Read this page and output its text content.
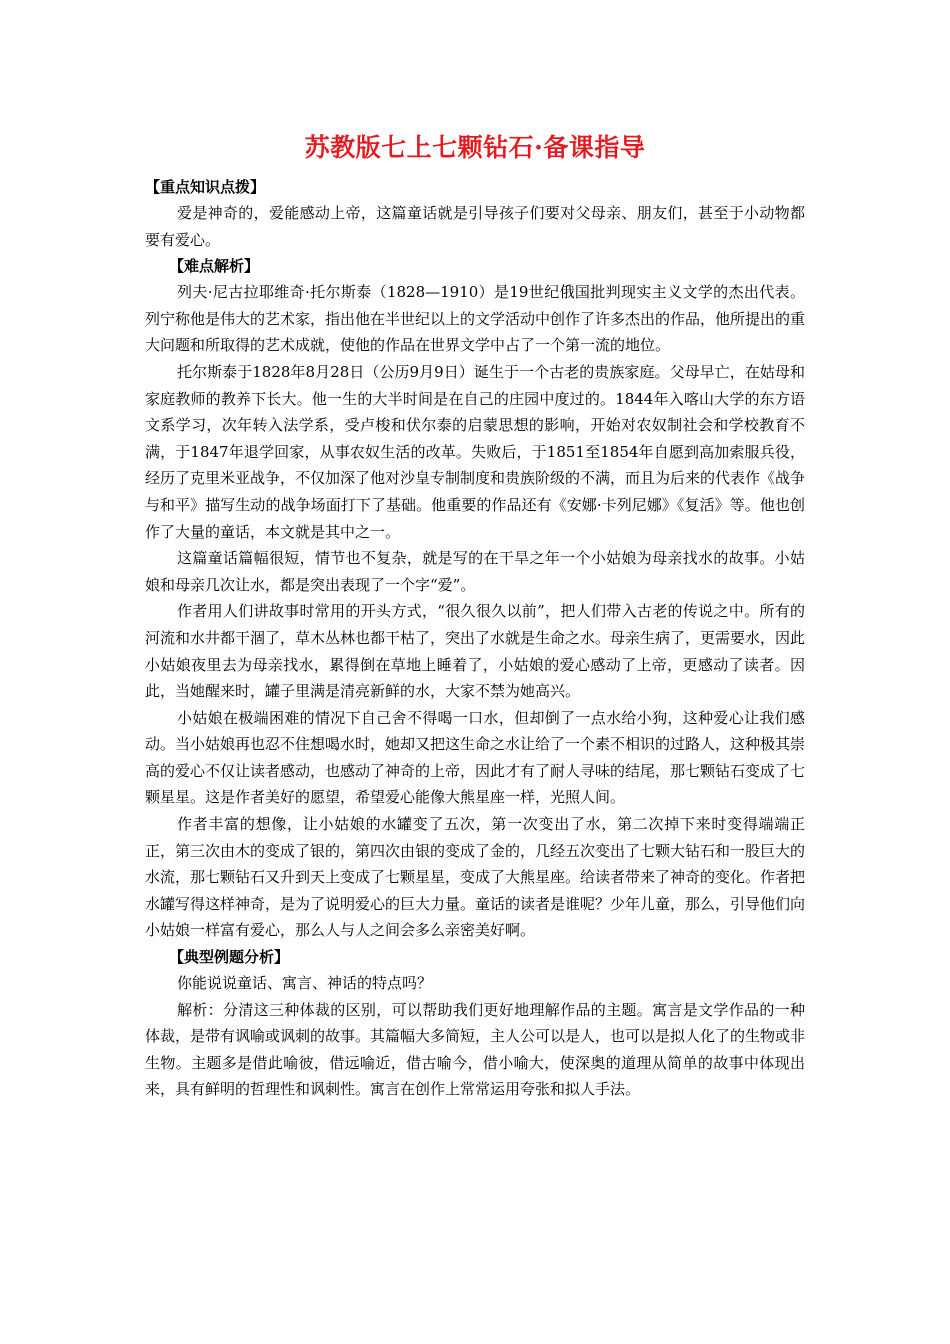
苏教版七上七颗钻石·备课指导

【重点知识点拨】

爱是神奇的，爱能感动上帝，这篇童话就是引导孩子们要对父母亲、朋友们，甚至于小动物都要有爱心。

【难点解析】

列夫·尼古拉耶维奇·托尔斯泰（1828—1910）是19世纪俄国批判现实主义文学的杰出代表。列宁称他是伟大的艺术家，指出他在半世纪以上的文学活动中创作了许多杰出的作品，他所提出的重大问题和所取得的艺术成就，使他的作品在世界文学中占了一个第一流的地位。

托尔斯泰于1828年8月28日（公历9月9日）诞生于一个古老的贵族家庭。父母早亡，在姑母和家庭教师的教养下长大。他一生的大半时间是在自己的庄园中度过的。1844年入喀山大学的东方语文系学习，次年转入法学系，受卢梭和伏尔泰的启蒙思想的影响，开始对农奴制社会和学校教育不满，于1847年退学回家，从事农奴生活的改革。失败后，于1851至1854年自愿到高加索服兵役，经历了克里米亚战争，不仅加深了他对沙皇专制制度和贵族阶级的不满，而且为后来的代表作《战争与和平》描写生动的战争场面打下了基础。他重要的作品还有《安娜·卡列尼娜》《复活》等。他也创作了大量的童话，本文就是其中之一。

这篇童话篇幅很短，情节也不复杂，就是写的在干旱之年一个小姑娘为母亲找水的故事。小姑娘和母亲几次让水，都是突出表现了一个字“爱”。

作者用人们讲故事时常用的开头方式，“很久很久以前”，把人们带入古老的传说之中。所有的河流和水井都干涸了，草木丛林也都干枯了，突出了水就是生命之水。母亲生病了，更需要水，因此小姑娘夜里去为母亲找水，累得倒在草地上睡着了，小姑娘的爱心感动了上帝，更感动了读者。因此，当她醒来时，罐子里满是清亮新鲜的水，大家不禁为她高兴。

小姑娘在极端困难的情况下自己舍不得喝一口水，但却倒了一点水给小狗，这种爱心让我们感动。当小姑娘再也忍不住想喝水时，她却又把这生命之水让给了一个素不相识的过路人，这种极其崇高的爱心不仅让读者感动，也感动了神奇的上帝，因此才有了耐人寻味的结尾，那七颗钻石变成了七颗星星。这是作者美好的愿望，希望爱心能像大熊星座一样，光照人间。

作者丰富的想像，让小姑娘的水罐变了五次，第一次变出了水，第二次掉下来时变得端端正正，第三次由木的变成了银的，第四次由银的变成了金的，几经五次变出了七颗大钻石和一股巨大的水流，那七颗钻石又升到天上变成了七颗星星，变成了大熊星座。给读者带来了神奇的变化。作者把水罐写得这样神奇，是为了说明爱心的巨大力量。童话的读者是谁呢？少年儿童，那么，引导他们向小姑娘一样富有爱心，那么人与人之间会多么亲密美好啊。

【典型例题分析】

你能说说童话、寓言、神话的特点吗？

解析：分清这三种体裁的区别，可以帮助我们更好地理解作品的主题。寓言是文学作品的一种体裁，是带有讽喻或讽刺的故事。其篇幅大多简短，主人公可以是人，也可以是拟人化了的生物或非生物。主题多是借此喻彼，借远喻近，借古喻今，借小喻大，使深奥的道理从简单的故事中体现出来，具有鲜明的哲理性和讽刺性。寓言在创作上常常运用夸张和拟人手法。
